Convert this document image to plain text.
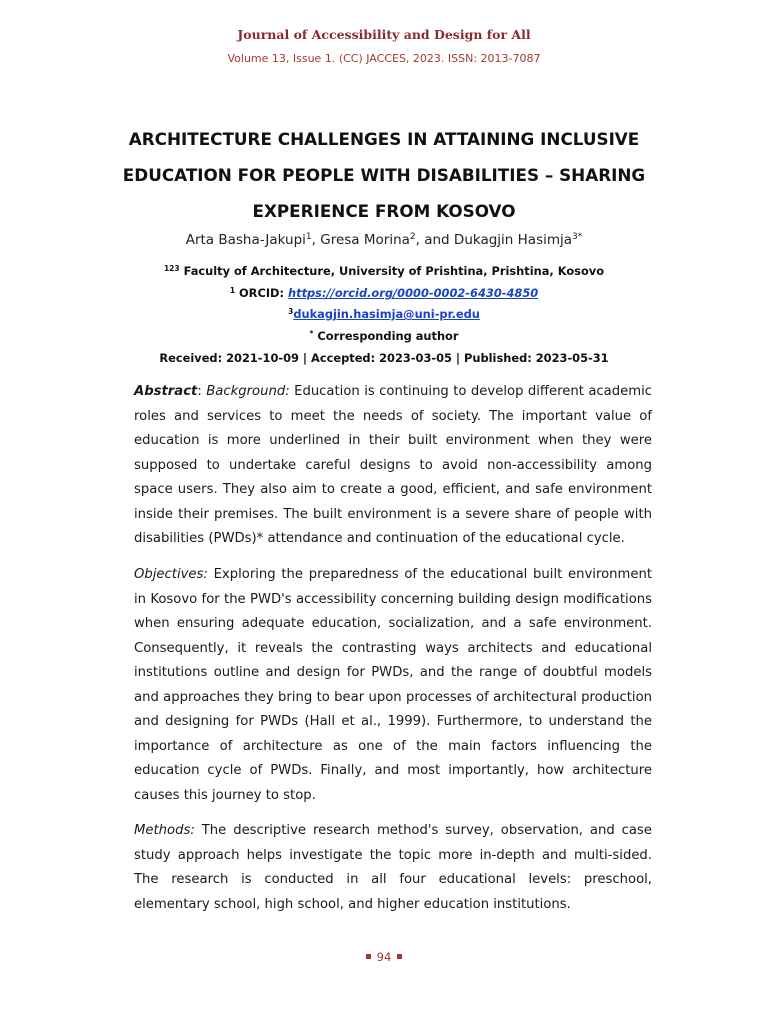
Journal of Accessibility and Design for All
Volume 13, Issue 1. (CC) JACCES, 2023. ISSN: 2013-7087
ARCHITECTURE CHALLENGES IN ATTAINING INCLUSIVE EDUCATION FOR PEOPLE WITH DISABILITIES – SHARING EXPERIENCE FROM KOSOVO
Arta Basha-Jakupi$^1$, Gresa Morina$^2$, and Dukagjin Hasimja$^{3*}$

$^{123}$ Faculty of Architecture, University of Prishtina, Prishtina, Kosovo

$^1$ ORCID: https://orcid.org/0000-0002-6430-4850

$^3$dukagjin.hasimja@uni-pr.edu

* Corresponding author

Received: 2021-10-09 | Accepted: 2023-03-05 | Published: 2023-05-31

Abstract: Background: Education is continuing to develop different academic roles and services to meet the needs of society. The important value of education is more underlined in their built environment when they were supposed to undertake careful designs to avoid non-accessibility among space users. They also aim to create a good, efficient, and safe environment inside their premises. The built environment is a severe share of people with disabilities (PWDs)* attendance and continuation of the educational cycle.

Objectives: Exploring the preparedness of the educational built environment in Kosovo for the PWD's accessibility concerning building design modifications when ensuring adequate education, socialization, and a safe environment. Consequently, it reveals the contrasting ways architects and educational institutions outline and design for PWDs, and the range of doubtful models and approaches they bring to bear upon processes of architectural production and designing for PWDs (Hall et al., 1999). Furthermore, to understand the importance of architecture as one of the main factors influencing the education cycle of PWDs. Finally, and most importantly, how architecture causes this journey to stop.

Methods: The descriptive research method's survey, observation, and case study approach helps investigate the topic more in-depth and multi-sided. The research is conducted in all four educational levels: preschool, elementary school, high school, and higher education institutions.

94
